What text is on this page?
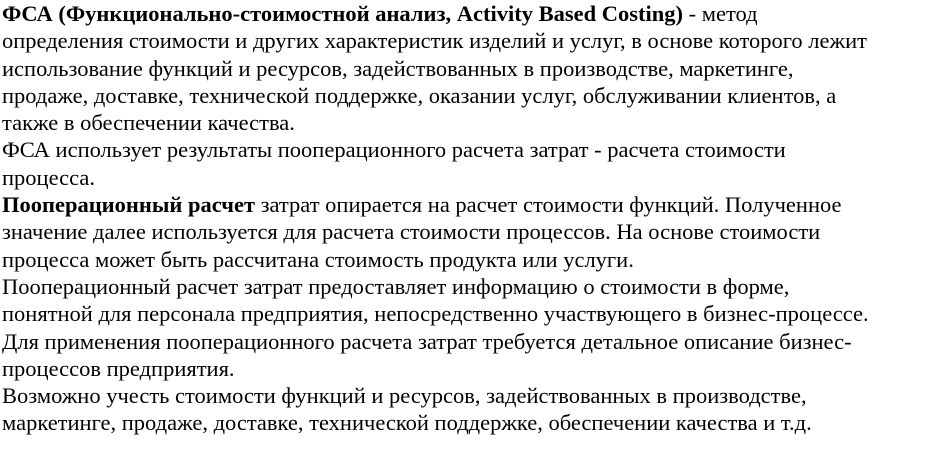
ФСА (Функционально-стоимостной анализ, Activity Based Costing) - метод
определения стоимости и других характеристик изделий и услуг, в основе которого лежит
использование функций и ресурсов, задействованных в производстве, маркетинге,
продаже, доставке, технической поддержке, оказании услуг, обслуживании клиентов, а
также в обеспечении качества.
ФСА использует результаты пооперационного расчета затрат - расчета стоимости
процесса.
Пооперационный расчет затрат опирается на расчет стоимости функций. Полученное
значение далее используется для расчета стоимости процессов. На основе стоимости
процесса может быть рассчитана стоимость продукта или услуги.
Пооперационный расчет затрат предоставляет информацию о стоимости в форме,
понятной для персонала предприятия, непосредственно участвующего в бизнес-процессе.
Для применения пооперационного расчета затрат требуется детальное описание бизнес-
процессов предприятия.
Возможно учесть стоимости функций и ресурсов, задействованных в производстве,
маркетинге, продаже, доставке, технической поддержке, обеспечении качества и т.д.
